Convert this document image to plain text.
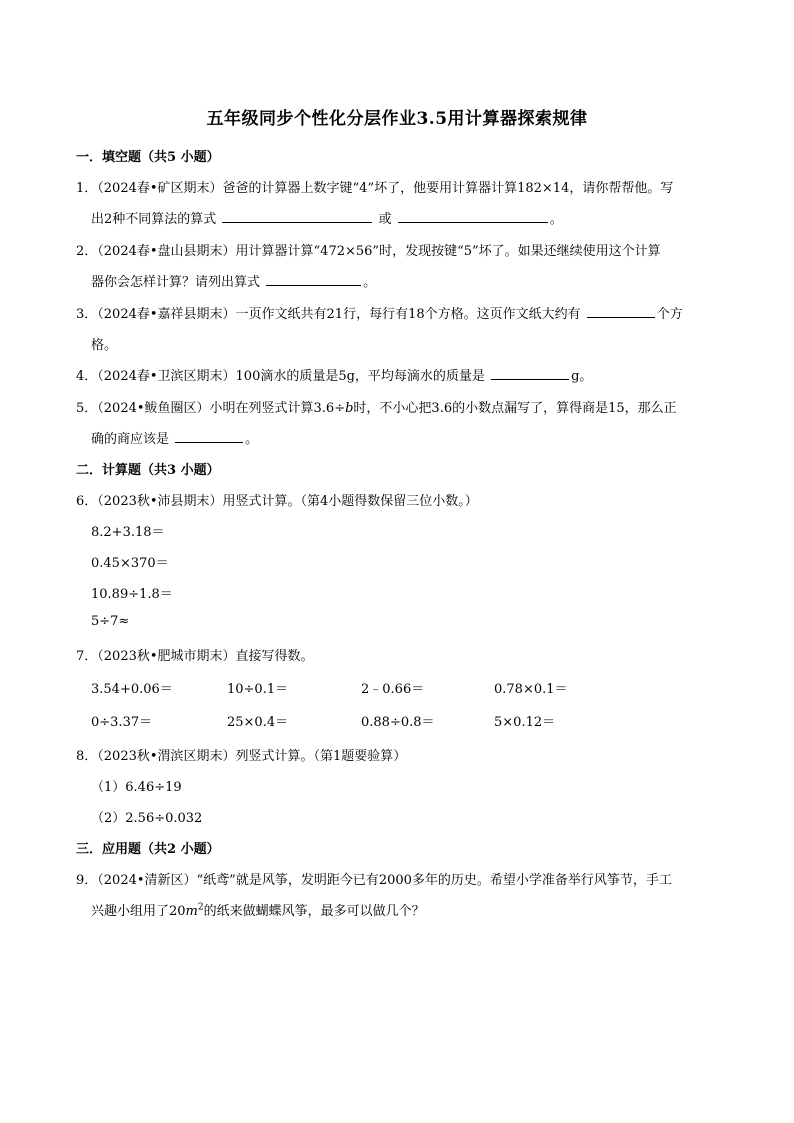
五年级同步个性化分层作业3.5用计算器探索规律
一．填空题（共5 小题）
1．（2024春•矿区期末）爸爸的计算器上数字键“4”坏了，他要用计算器计算182×14，请你帮帮他。写
出2种不同算法的算式	或	。
2．（2024春•盘山县期末）用计算器计算“472×56”时，发现按键“5”坏了。如果还继续使用这个计算
器你会怎样计算？请列出算式	。
3．（2024春•嘉祥县期末）一页作文纸共有21行，每行有18个方格。这页作文纸大约有	个方
格。
4．（2024春•卫滨区期末）100滴水的质量是5g，平均每滴水的质量是	g。
5．（2024•鲅鱼圈区）小明在列竖式计算3.6÷b时，不小心把3.6的小数点漏写了，算得商是15，那么正
确的商应该是	。
二．计算题（共3 小题）
6．（2023秋•沛县期末）用竖式计算。（第4小题得数保留三位小数。）
8.2+3.18＝
0.45×370＝
10.89÷1.8＝
5÷7≈
7．（2023秋•肥城市期末）直接写得数。
3.54+0.06＝	10÷0.1＝	2﹣0.66＝	0.78×0.1＝
0÷3.37＝	25×0.4＝	0.88÷0.8＝	5×0.12＝
8．（2023秋•渭滨区期末）列竖式计算。（第1题要验算）
（1）6.46÷19
（2）2.56÷0.032
三．应用题（共2 小题）
9．（2024•清新区）“纸鸢”就是风筝，发明距今已有2000多年的历史。希望小学准备举行风筝节，手工
兴趣小组用了$20m^2$的纸来做蝴蝶风筝，最多可以做几个？
